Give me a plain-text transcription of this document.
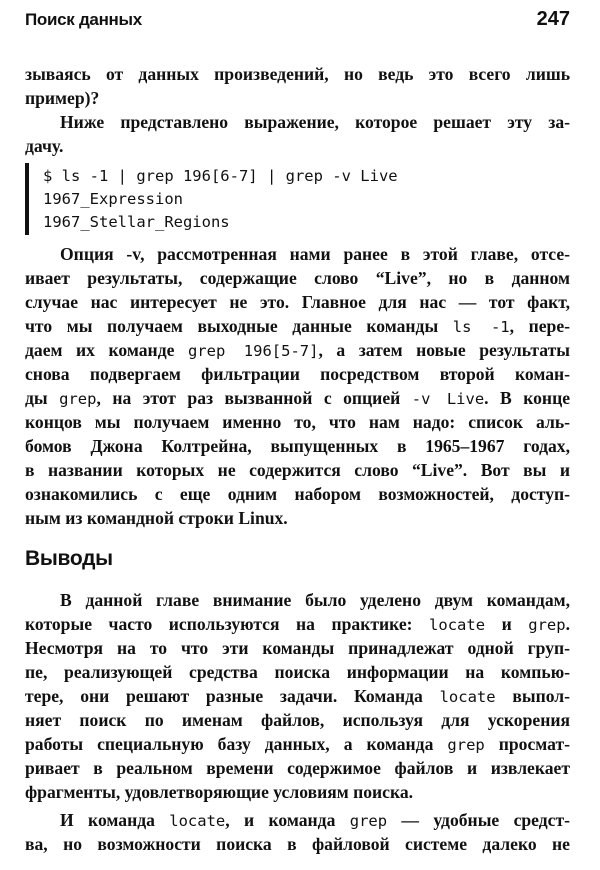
Поиск данных	247
зываясь от данных произведений, но ведь это всего лишь
пример)?
Ниже представлено выражение, которое решает эту за-
дачу.
$ ls -1 | grep 196[6-7] | grep -v Live
1967_Expression
1967_Stellar_Regions
Опция -v, рассмотренная нами ранее в этой главе, отсе-
ивает результаты, содержащие слово “Live”, но в данном
случае нас интересует не это. Главное для нас — тот факт,
что мы получаем выходные данные команды ls -1, пере-
даем их команде grep 196[5-7], а затем новые результаты
снова подвергаем фильтрации посредством второй коман-
ды grep, на этот раз вызванной с опцией -v Live. В конце
концов мы получаем именно то, что нам надо: список аль-
бомов Джона Колтрейна, выпущенных в 1965–1967 годах,
в названии которых не содержится слово “Live”. Вот вы и
ознакомились с еще одним набором возможностей, доступ-
ным из командной строки Linux.
Выводы
В данной главе внимание было уделено двум командам,
которые часто используются на практике: locate и grep.
Несмотря на то что эти команды принадлежат одной груп-
пе, реализующей средства поиска информации на компью-
тере, они решают разные задачи. Команда locate выпол-
няет поиск по именам файлов, используя для ускорения
работы специальную базу данных, а команда grep просмат-
ривает в реальном времени содержимое файлов и извлекает
фрагменты, удовлетворяющие условиям поиска.
И команда locate, и команда grep — удобные средст-
ва, но возможности поиска в файловой системе далеко не
